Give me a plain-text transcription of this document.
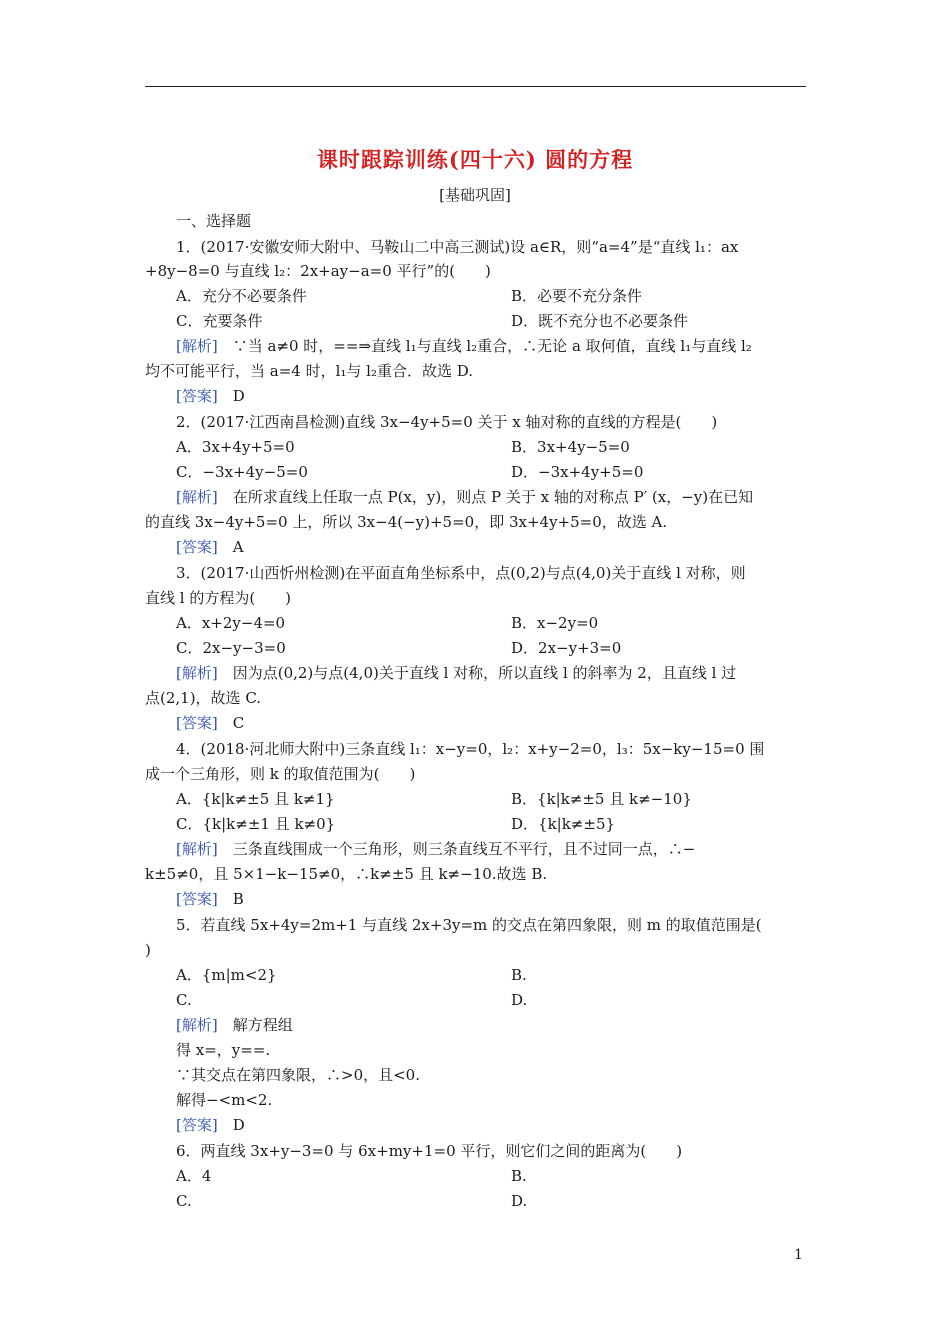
课时跟踪训练(四十六) 圆的方程
[基础巩固]
一、选择题
1．(2017·安徽安师大附中、马鞍山二中高三测试)设 a∈R，则“a=4”是“直线 l₁：ax
+8y−8=0 与直线 l₂：2x+ay−a=0 平行”的(　　)
A．充分不必要条件	B．必要不充分条件
C．充要条件	D．既不充分也不必要条件
[解析]　∵当 a≠0 时，==⇒直线 l₁与直线 l₂重合，∴无论 a 取何值，直线 l₁与直线 l₂
均不可能平行，当 a=4 时，l₁与 l₂重合．故选 D.
[答案]　D
2．(2017·江西南昌检测)直线 3x−4y+5=0 关于 x 轴对称的直线的方程是(　　)
A．3x+4y+5=0	B．3x+4y−5=0
C．−3x+4y−5=0	D．−3x+4y+5=0
[解析]　在所求直线上任取一点 P(x，y)，则点 P 关于 x 轴的对称点 P′ (x，−y)在已知
的直线 3x−4y+5=0 上，所以 3x−4(−y)+5=0，即 3x+4y+5=0，故选 A.
[答案]　A
3．(2017·山西忻州检测)在平面直角坐标系中，点(0,2)与点(4,0)关于直线 l 对称，则
直线 l 的方程为(　　)
A．x+2y−4=0	B．x−2y=0
C．2x−y−3=0	D．2x−y+3=0
[解析]　因为点(0,2)与点(4,0)关于直线 l 对称，所以直线 l 的斜率为 2，且直线 l 过
点(2,1)，故选 C.
[答案]　C
4．(2018·河北师大附中)三条直线 l₁：x−y=0，l₂：x+y−2=0，l₃：5x−ky−15=0 围
成一个三角形，则 k 的取值范围为(　　)
A．{k|k≠±5 且 k≠1}	B．{k|k≠±5 且 k≠−10}
C．{k|k≠±1 且 k≠0}	D．{k|k≠±5}
[解析]　三条直线围成一个三角形，则三条直线互不平行，且不过同一点，∴−
k±5≠0，且 5×1−k−15≠0，∴k≠±5 且 k≠−10.故选 B.
[答案]　B
5．若直线 5x+4y=2m+1 与直线 2x+3y=m 的交点在第四象限，则 m 的取值范围是(
)
A．{m|m<2}	B.
C.	D.
[解析]　解方程组
得 x=，y==.
∵其交点在第四象限，∴>0，且<0.
解得−<m<2.
[答案]　D
6．两直线 3x+y−3=0 与 6x+my+1=0 平行，则它们之间的距离为(　　)
A．4	B.
C.	D.
1
